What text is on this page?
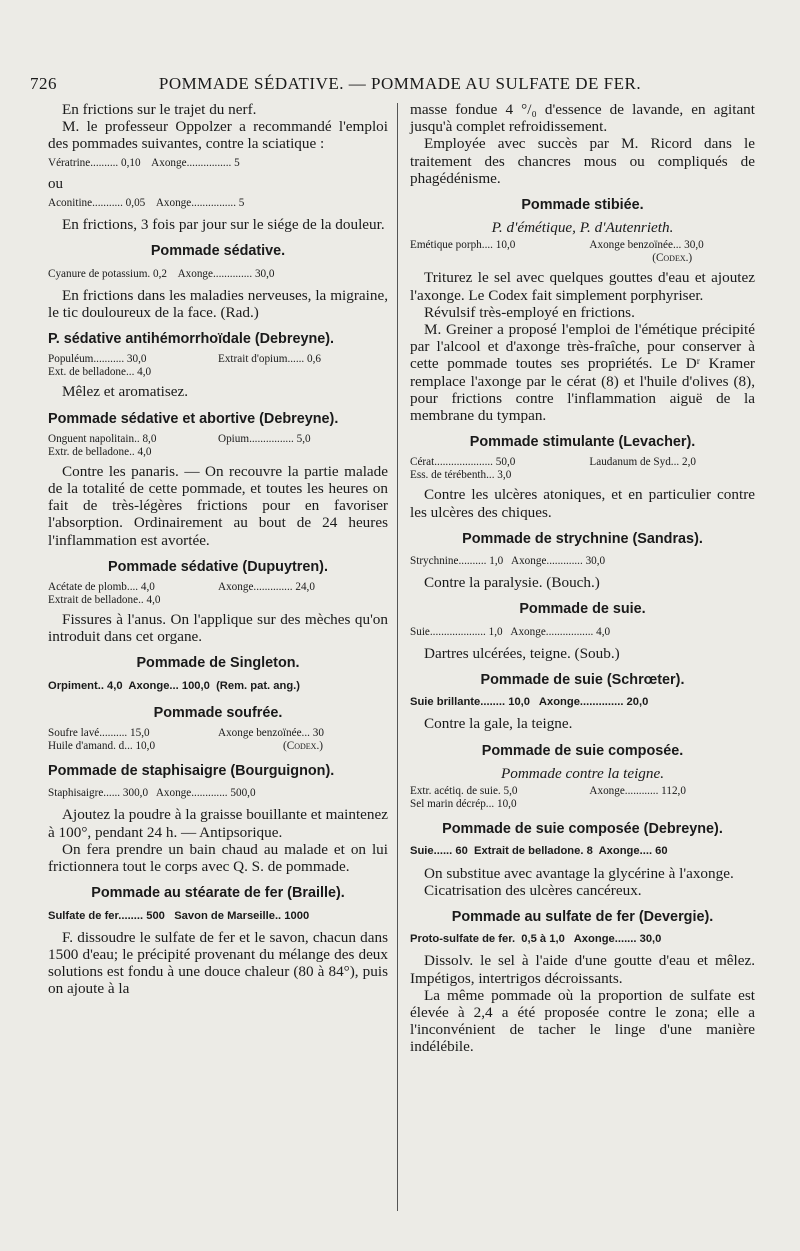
726	POMMADE SÉDATIVE. — POMMADE AU SULFATE DE FER.

En frictions sur le trajet du nerf.

M. le professeur Oppolzer a recommandé l'emploi des pommades suivantes, contre la sciatique :

Vératrine.......... 0,10    Axonge................ 5
ou
Aconitine........... 0,05    Axonge................ 5

En frictions, 3 fois par jour sur le siége de la douleur.

Pommade sédative.
Cyanure de potassium. 0,2    Axonge.............. 30,0

En frictions dans les maladies nerveuses, la migraine, le tic douloureux de la face. (Rad.)

P. sédative antihémorrhoïdale (Debreyne).
Populéum........... 30,0	Extrait d'opium...... 0,6
Ext. de belladone... 4,0

Mêlez et aromatisez.

Pommade sédative et abortive (Debreyne).
Onguent napolitain.. 8,0	Opium................ 5,0
Extr. de belladone.. 4,0

Contre les panaris. — On recouvre la partie malade de la totalité de cette pommade, et toutes les heures on fait de très-légères frictions pour en favoriser l'absorption. Ordinairement au bout de 24 heures l'inflammation est avortée.

Pommade sédative (Dupuytren).
Acétate de plomb.... 4,0	Axonge.............. 24,0
Extrait de belladone.. 4,0

Fissures à l'anus. On l'applique sur des mèches qu'on introduit dans cet organe.

Pommade de Singleton.
Orpiment.. 4,0  Axonge... 100,0  (Rem. pat. ang.)
Pommade soufrée.
Soufre lavé.......... 15,0	Axonge benzoïnée... 30
Huile d'amand. d... 10,0	(Codex.)
Pommade de staphisaigre (Bourguignon).
Staphisaigre...... 300,0   Axonge............. 500,0

Ajoutez la poudre à la graisse bouillante et maintenez à 100°, pendant 24 h. — Antipsorique.

On fera prendre un bain chaud au malade et on lui frictionnera tout le corps avec Q. S. de pommade.

Pommade au stéarate de fer (Braille).
Sulfate de fer........ 500   Savon de Marseille.. 1000

F. dissoudre le sulfate de fer et le savon, chacun dans 1500 d'eau; le précipité provenant du mélange des deux solutions est fondu à une douce chaleur (80 à 84°), puis on ajoute à la

masse fondue 4 °/₀ d'essence de lavande, en agitant jusqu'à complet refroidissement.

Employée avec succès par M. Ricord dans le traitement des chancres mous ou compliqués de phagédénisme.

Pommade stibiée.
P. d'émétique, P. d'Autenrieth.
Emétique porph.... 10,0	Axonge benzoïnée... 30,0
(Codex.)

Triturez le sel avec quelques gouttes d'eau et ajoutez l'axonge. Le Codex fait simplement porphyriser.

Révulsif très-employé en frictions.

M. Greiner a proposé l'emploi de l'émétique précipité par l'alcool et d'axonge très-fraîche, pour conserver à cette pommade toutes ses propriétés. Le Dʳ Kramer remplace l'axonge par le cérat (8) et l'huile d'olives (8), pour frictions contre l'inflammation aiguë de la membrane du tympan.

Pommade stimulante (Levacher).
Cérat..................... 50,0	Laudanum de Syd... 2,0
Ess. de térébenth... 3,0

Contre les ulcères atoniques, et en particulier contre les ulcères des chiques.

Pommade de strychnine (Sandras).
Strychnine.......... 1,0   Axonge............. 30,0

Contre la paralysie. (Bouch.)

Pommade de suie.
Suie.................... 1,0   Axonge................. 4,0

Dartres ulcérées, teigne. (Soub.)

Pommade de suie (Schrœter).
Suie brillante........ 10,0   Axonge.............. 20,0

Contre la gale, la teigne.

Pommade de suie composée.
Pommade contre la teigne.
Extr. acétiq. de suie. 5,0	Axonge............ 112,0
Sel marin décrép... 10,0
Pommade de suie composée (Debreyne).
Suie...... 60  Extrait de belladone. 8  Axonge.... 60

On substitue avec avantage la glycérine à l'axonge.

Cicatrisation des ulcères cancéreux.

Pommade au sulfate de fer (Devergie).
Proto-sulfate de fer.  0,5 à 1,0   Axonge....... 30,0

Dissolv. le sel à l'aide d'une goutte d'eau et mêlez. Impétigos, intertrigos décroissants.

La même pommade où la proportion de sulfate est élevée à 2,4 a été proposée contre le zona; elle a l'inconvénient de tacher le linge d'une manière indélébile.
